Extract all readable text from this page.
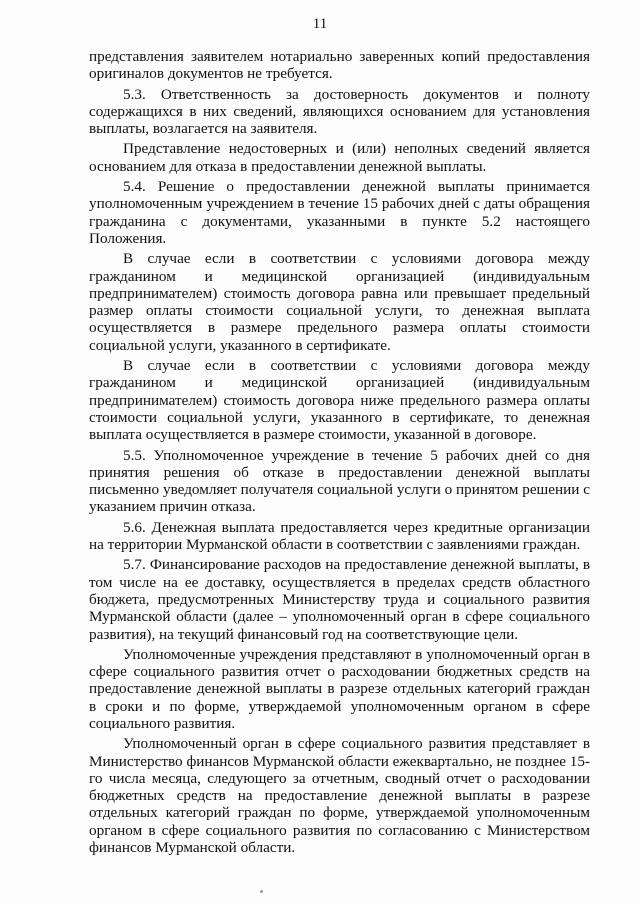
11

представления заявителем нотариально заверенных копий предоставления оригиналов документов не требуется.

5.3. Ответственность за достоверность документов и полноту содержащихся в них сведений, являющихся основанием для установления выплаты, возлагается на заявителя.

Представление недостоверных и (или) неполных сведений является основанием для отказа в предоставлении денежной выплаты.

5.4. Решение о предоставлении денежной выплаты принимается уполномоченным учреждением в течение 15 рабочих дней с даты обращения гражданина с документами, указанными в пункте 5.2 настоящего Положения.

В случае если в соответствии с условиями договора между гражданином и медицинской организацией (индивидуальным предпринимателем) стоимость договора равна или превышает предельный размер оплаты стоимости социальной услуги, то денежная выплата осуществляется в размере предельного размера оплаты стоимости социальной услуги, указанного в сертификате.

В случае если в соответствии с условиями договора между гражданином и медицинской организацией (индивидуальным предпринимателем) стоимость договора ниже предельного размера оплаты стоимости социальной услуги, указанного в сертификате, то денежная выплата осуществляется в размере стоимости, указанной в договоре.

5.5. Уполномоченное учреждение в течение 5 рабочих дней со дня принятия решения об отказе в предоставлении денежной выплаты письменно уведомляет получателя социальной услуги о принятом решении с указанием причин отказа.

5.6. Денежная выплата предоставляется через кредитные организации на территории Мурманской области в соответствии с заявлениями граждан.

5.7. Финансирование расходов на предоставление денежной выплаты, в том числе на ее доставку, осуществляется в пределах средств областного бюджета, предусмотренных Министерству труда и социального развития Мурманской области (далее – уполномоченный орган в сфере социального развития), на текущий финансовый год на соответствующие цели.

Уполномоченные учреждения представляют в уполномоченный орган в сфере социального развития отчет о расходовании бюджетных средств на предоставление денежной выплаты в разрезе отдельных категорий граждан в сроки и по форме, утверждаемой уполномоченным органом в сфере социального развития.

Уполномоченный орган в сфере социального развития представляет в Министерство финансов Мурманской области ежеквартально, не позднее 15-го числа месяца, следующего за отчетным, сводный отчет о расходовании бюджетных средств на предоставление денежной выплаты в разрезе отдельных категорий граждан по форме, утверждаемой уполномоченным органом в сфере социального развития по согласованию с Министерством финансов Мурманской области.
